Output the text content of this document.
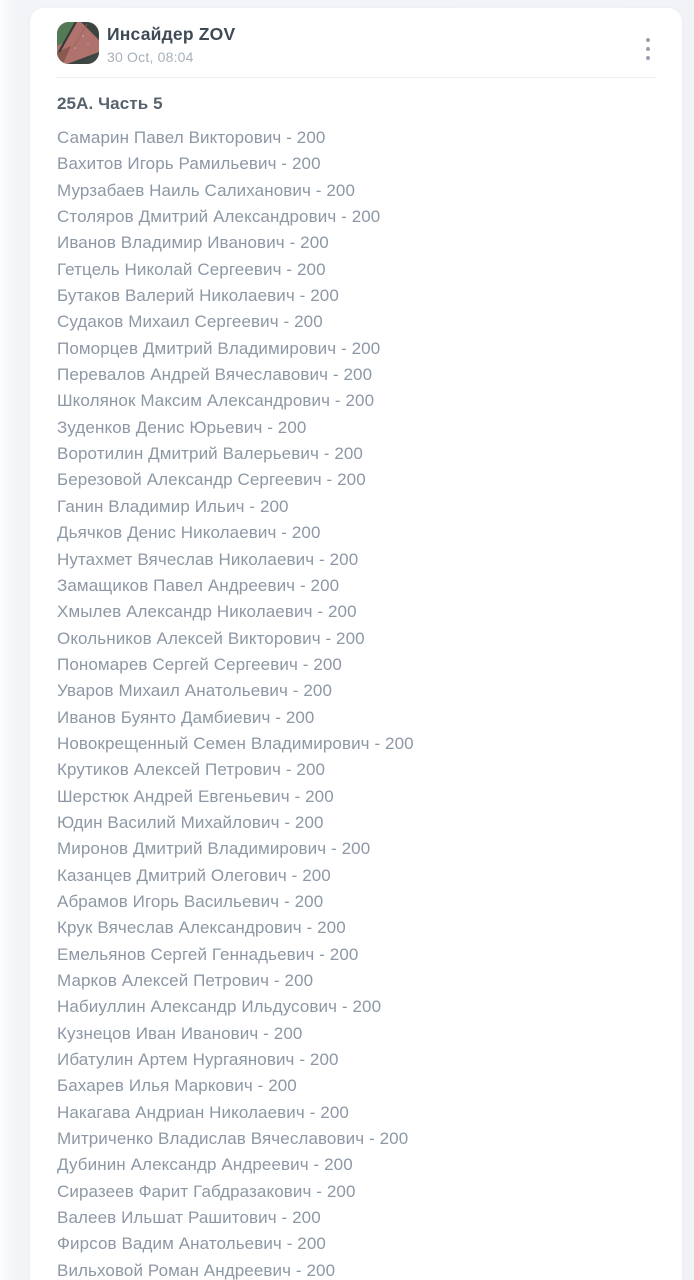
Инсайдер ZOV
30 Oct, 08:04
25А. Часть 5
Самарин Павел Викторович - 200
Вахитов Игорь Рамильевич - 200
Мурзабаев Наиль Салиханович - 200
Столяров Дмитрий Александрович - 200
Иванов Владимир Иванович - 200
Гетцель Николай Сергеевич - 200
Бутаков Валерий Николаевич - 200
Судаков Михаил Сергеевич - 200
Поморцев Дмитрий Владимирович - 200
Перевалов Андрей Вячеславович - 200
Школянок Максим Александрович - 200
Зуденков Денис Юрьевич - 200
Воротилин Дмитрий Валерьевич - 200
Березовой Александр Сергеевич - 200
Ганин Владимир Ильич - 200
Дьячков Денис Николаевич - 200
Нутахмет Вячеслав Николаевич - 200
Замащиков Павел Андреевич - 200
Хмылев Александр Николаевич - 200
Окольников Алексей Викторович - 200
Пономарев Сергей Сергеевич - 200
Уваров Михаил Анатольевич - 200
Иванов Буянто Дамбиевич - 200
Новокрещенный Семен Владимирович - 200
Крутиков Алексей Петрович - 200
Шерстюк Андрей Евгеньевич - 200
Юдин Василий Михайлович - 200
Миронов Дмитрий Владимирович - 200
Казанцев Дмитрий Олегович - 200
Абрамов Игорь Васильевич - 200
Крук Вячеслав Александрович - 200
Емельянов Сергей Геннадьевич - 200
Марков Алексей Петрович - 200
Набиуллин Александр Ильдусович - 200
Кузнецов Иван Иванович - 200
Ибатулин Артем Нургаянович - 200
Бахарев Илья Маркович - 200
Накагава Андриан Николаевич - 200
Митриченко Владислав Вячеславович - 200
Дубинин Александр Андреевич - 200
Сиразеев Фарит Габдразакович - 200
Валеев Ильшат Рашитович - 200
Фирсов Вадим Анатольевич - 200
Вильховой Роман Андреевич - 200
